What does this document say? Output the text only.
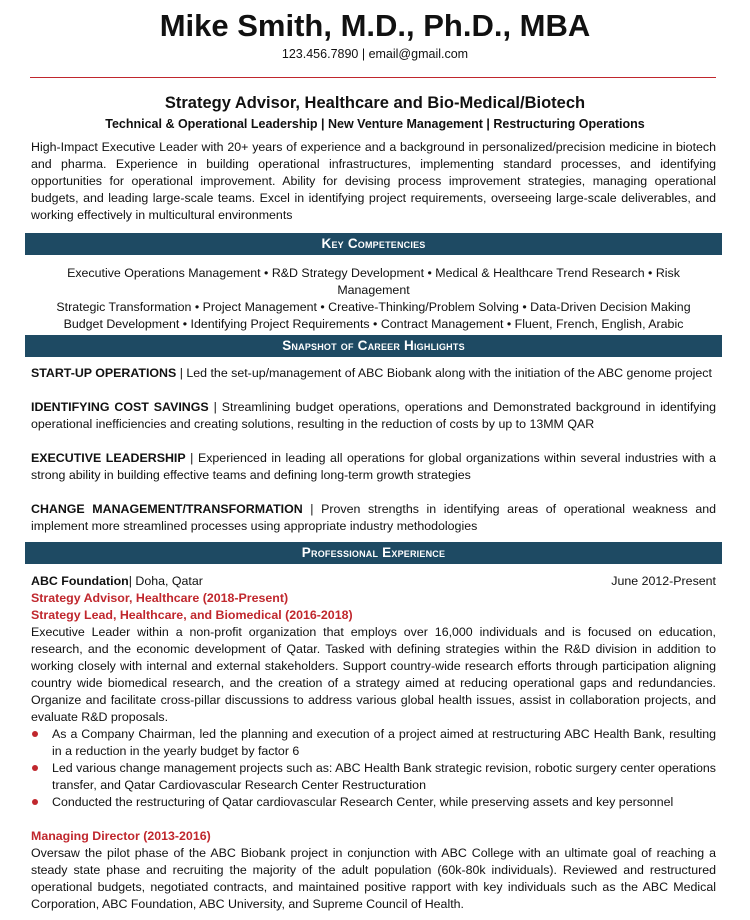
Mike Smith, M.D., Ph.D., MBA
123.456.7890 | email@gmail.com
Strategy Advisor, Healthcare and Bio-Medical/Biotech
Technical & Operational Leadership | New Venture Management | Restructuring Operations
High-Impact Executive Leader with 20+ years of experience and a background in personalized/precision medicine in biotech and pharma. Experience in building operational infrastructures, implementing standard processes, and identifying opportunities for operational improvement. Ability for devising process improvement strategies, managing operational budgets, and leading large-scale teams. Excel in identifying project requirements, overseeing large-scale deliverables, and working effectively in multicultural environments
Key Competencies
Executive Operations Management • R&D Strategy Development • Medical & Healthcare Trend Research • Risk Management
Strategic Transformation • Project Management • Creative-Thinking/Problem Solving • Data-Driven Decision Making
Budget Development • Identifying Project Requirements • Contract Management • Fluent, French, English, Arabic
Snapshot of Career Highlights
START-UP OPERATIONS | Led the set-up/management of ABC Biobank along with the initiation of the ABC genome project
IDENTIFYING COST SAVINGS | Streamlining budget operations, operations and Demonstrated background in identifying operational inefficiencies and creating solutions, resulting in the reduction of costs by up to 13MM QAR
EXECUTIVE LEADERSHIP | Experienced in leading all operations for global organizations within several industries with a strong ability in building effective teams and defining long-term growth strategies
CHANGE MANAGEMENT/TRANSFORMATION | Proven strengths in identifying areas of operational weakness and implement more streamlined processes using appropriate industry methodologies
Professional Experience
ABC Foundation| Doha, Qatar	June 2012-Present
Strategy Advisor, Healthcare (2018-Present)
Strategy Lead, Healthcare, and Biomedical (2016-2018)
Executive Leader within a non-profit organization that employs over 16,000 individuals and is focused on education, research, and the economic development of Qatar. Tasked with defining strategies within the R&D division in addition to working closely with internal and external stakeholders. Support country-wide research efforts through participation aligning country wide biomedical research, and the creation of a strategy aimed at reducing operational gaps and redundancies. Organize and facilitate cross-pillar discussions to address various global health issues, assist in collaboration projects, and evaluate R&D proposals.
As a Company Chairman, led the planning and execution of a project aimed at restructuring ABC Health Bank, resulting in a reduction in the yearly budget by factor 6
Led various change management projects such as: ABC Health Bank strategic revision, robotic surgery center operations transfer, and Qatar Cardiovascular Research Center Restructuration
Conducted the restructuring of Qatar cardiovascular Research Center, while preserving assets and key personnel
Managing Director (2013-2016)
Oversaw the pilot phase of the ABC Biobank project in conjunction with ABC College with an ultimate goal of reaching a steady state phase and recruiting the majority of the adult population (60k-80k individuals). Reviewed and restructured operational budgets, negotiated contracts, and maintained positive rapport with key individuals such as the ABC Medical Corporation, ABC Foundation, ABC University, and Supreme Council of Health.
